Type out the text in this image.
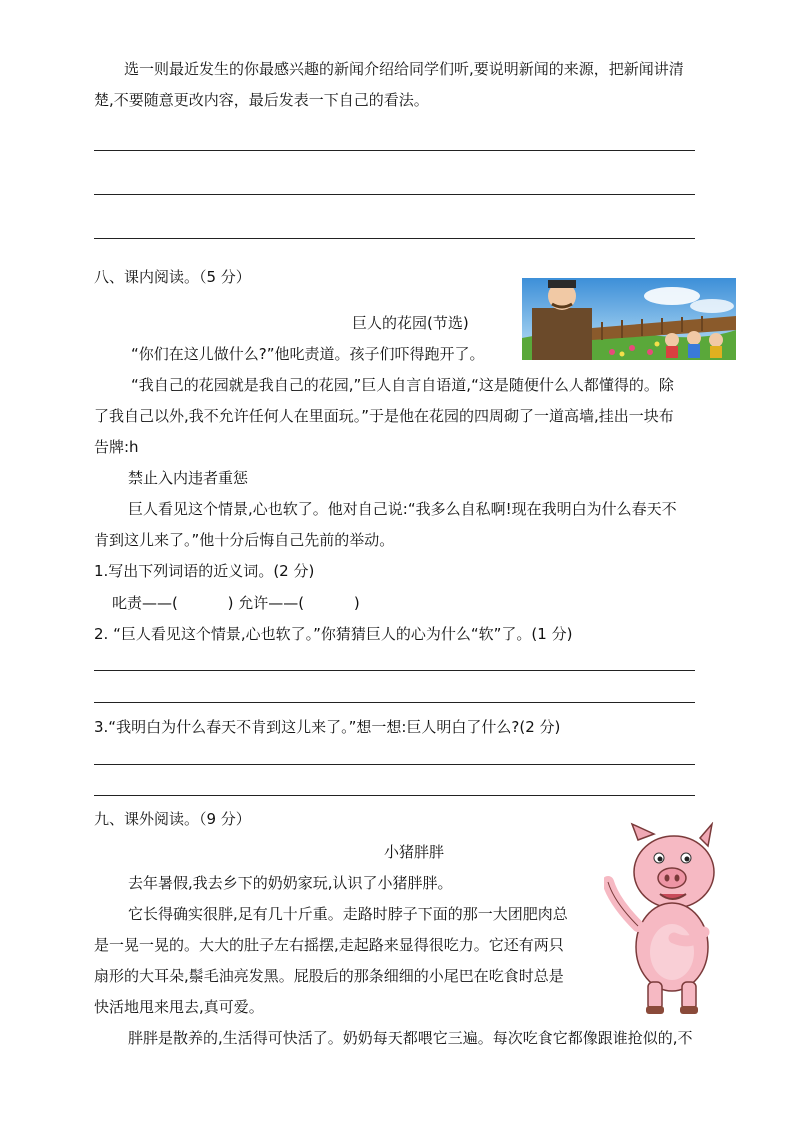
选一则最近发生的你最感兴趣的新闻介绍给同学们听,要说明新闻的来源，把新闻讲清
楚,不要随意更改内容，最后发表一下自己的看法。
八、课内阅读。（5 分）
巨人的花园(节选)
“你们在这儿做什么?”他叱责道。孩子们吓得跑开了。
“我自己的花园就是我自己的花园,”巨人自言自语道,“这是随便什么人都懂得的。除
了我自己以外,我不允许任何人在里面玩。”于是他在花园的四周砌了一道高墙,挂出一块布
告牌:h
禁止入内违者重惩
巨人看见这个情景,心也软了。他对自己说:“我多么自私啊!现在我明白为什么春天不
肯到这儿来了。”他十分后悔自己先前的举动。
1.写出下列词语的近义词。(2 分)
叱责——(　　　 ) 允许——(　　　 )
2. “巨人看见这个情景,心也软了。”你猜猜巨人的心为什么“软”了。(1 分)
3.“我明白为什么春天不肯到这儿来了。”想一想:巨人明白了什么?(2 分)
九、课外阅读。（9 分）
小猪胖胖
去年暑假,我去乡下的奶奶家玩,认识了小猪胖胖。
它长得确实很胖,足有几十斤重。走路时脖子下面的那一大团肥肉总
是一晃一晃的。大大的肚子左右摇摆,走起路来显得很吃力。它还有两只
扇形的大耳朵,鬃毛油亮发黑。屁股后的那条细细的小尾巴在吃食时总是
快活地甩来甩去,真可爱。
胖胖是散养的,生活得可快活了。奶奶每天都喂它三遍。每次吃食它都像跟谁抢似的,不
